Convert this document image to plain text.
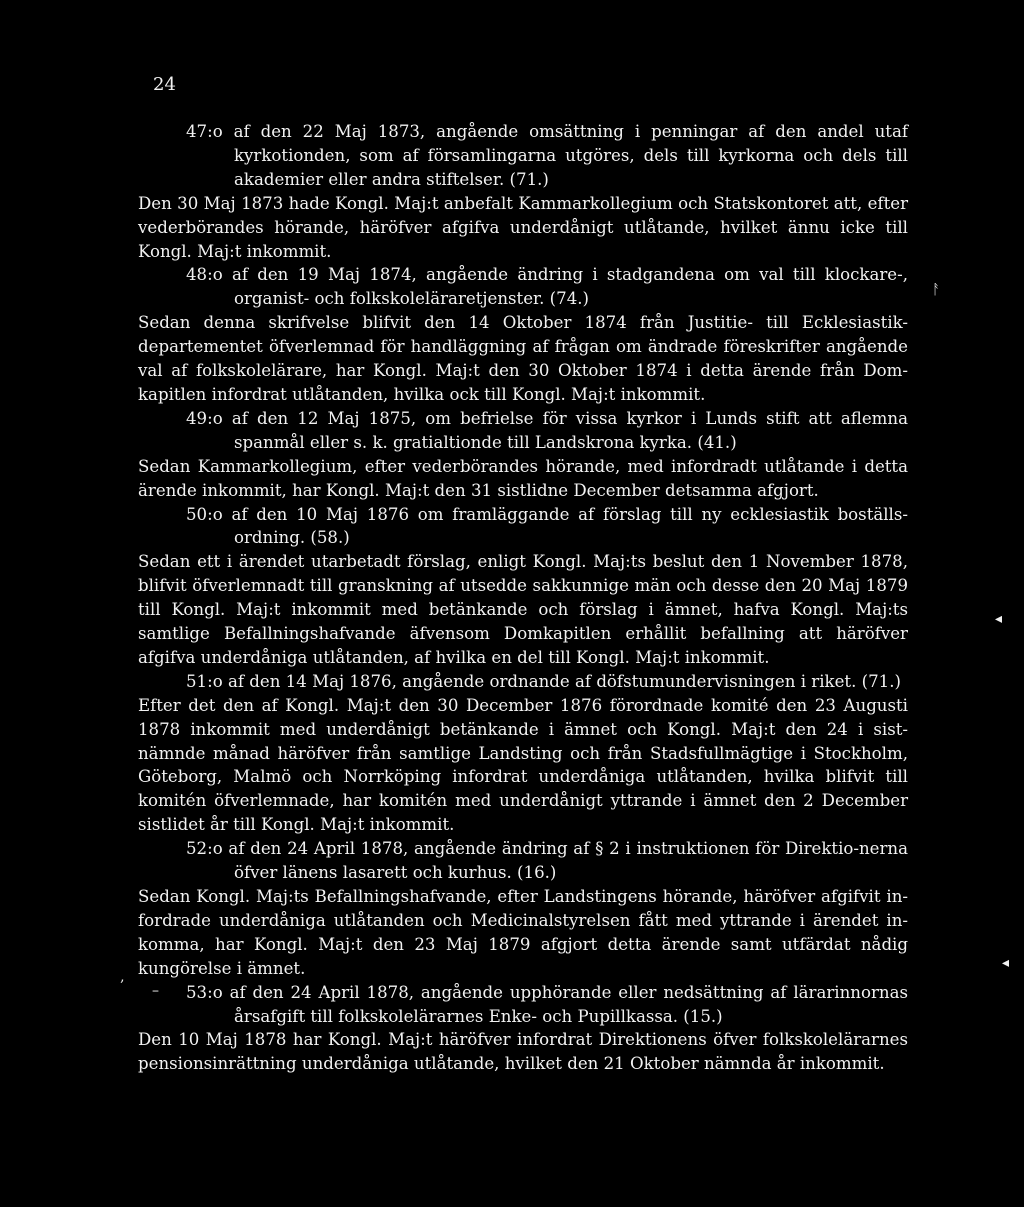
24

47:o af den 22 Maj 1873, angående omsättning i penningar af den andel utaf kyrkotionden, som af församlingarna utgöres, dels till kyrkorna och dels till akademier eller andra stiftelser. (71.)

Den 30 Maj 1873 hade Kongl. Maj:t anbefalt Kammarkollegium och Statskontoret att, efter vederbörandes hörande, häröfver afgifva underdånigt utlåtande, hvilket ännu icke till Kongl. Maj:t inkommit.

48:o af den 19 Maj 1874, angående ändring i stadgandena om val till klockare-, organist- och folkskoleläraretjenster. (74.)

Sedan denna skrifvelse blifvit den 14 Oktober 1874 från Justitie- till Ecklesiastik-departementet öfverlemnad för handläggning af frågan om ändrade föreskrifter angående val af folkskolelärare, har Kongl. Maj:t den 30 Oktober 1874 i detta ärende från Dom-kapitlen infordrat utlåtanden, hvilka ock till Kongl. Maj:t inkommit.

49:o af den 12 Maj 1875, om befrielse för vissa kyrkor i Lunds stift att aflemna spanmål eller s. k. gratialtionde till Landskrona kyrka. (41.)

Sedan Kammarkollegium, efter vederbörandes hörande, med infordradt utlåtande i detta ärende inkommit, har Kongl. Maj:t den 31 sistlidne December detsamma afgjort.

50:o af den 10 Maj 1876 om framläggande af förslag till ny ecklesiastik boställs-ordning. (58.)

Sedan ett i ärendet utarbetadt förslag, enligt Kongl. Maj:ts beslut den 1 November 1878, blifvit öfverlemnadt till granskning af utsedde sakkunnige män och desse den 20 Maj 1879 till Kongl. Maj:t inkommit med betänkande och förslag i ämnet, hafva Kongl. Maj:ts samtlige Befallningshafvande äfvensom Domkapitlen erhållit befallning att häröfver afgifva underdåniga utlåtanden, af hvilka en del till Kongl. Maj:t inkommit.

51:o af den 14 Maj 1876, angående ordnande af döfstumundervisningen i riket. (71.)

Efter det den af Kongl. Maj:t den 30 December 1876 förordnade komité den 23 Augusti 1878 inkommit med underdånigt betänkande i ämnet och Kongl. Maj:t den 24 i sist-nämnde månad häröfver från samtlige Landsting och från Stadsfullmägtige i Stockholm, Göteborg, Malmö och Norrköping infordrat underdåniga utlåtanden, hvilka blifvit till komitén öfverlemnade, har komitén med underdånigt yttrande i ämnet den 2 December sistlidet år till Kongl. Maj:t inkommit.

52:o af den 24 April 1878, angående ändring af § 2 i instruktionen för Direktio-nerna öfver länens lasarett och kurhus. (16.)

Sedan Kongl. Maj:ts Befallningshafvande, efter Landstingens hörande, häröfver afgifvit in-fordrade underdåniga utlåtanden och Medicinalstyrelsen fått med yttrande i ärendet in-komma, har Kongl. Maj:t den 23 Maj 1879 afgjort detta ärende samt utfärdat nådig kungörelse i ämnet.

53:o af den 24 April 1878, angående upphörande eller nedsättning af lärarinnornas årsafgift till folkskolelärarnes Enke- och Pupillkassa. (15.)

Den 10 Maj 1878 har Kongl. Maj:t häröfver infordrat Direktionens öfver folkskolelärarnes pensionsinrättning underdåniga utlåtande, hvilket den 21 Oktober nämnda år inkommit.

ᚨ
◂
◂
‚
–
